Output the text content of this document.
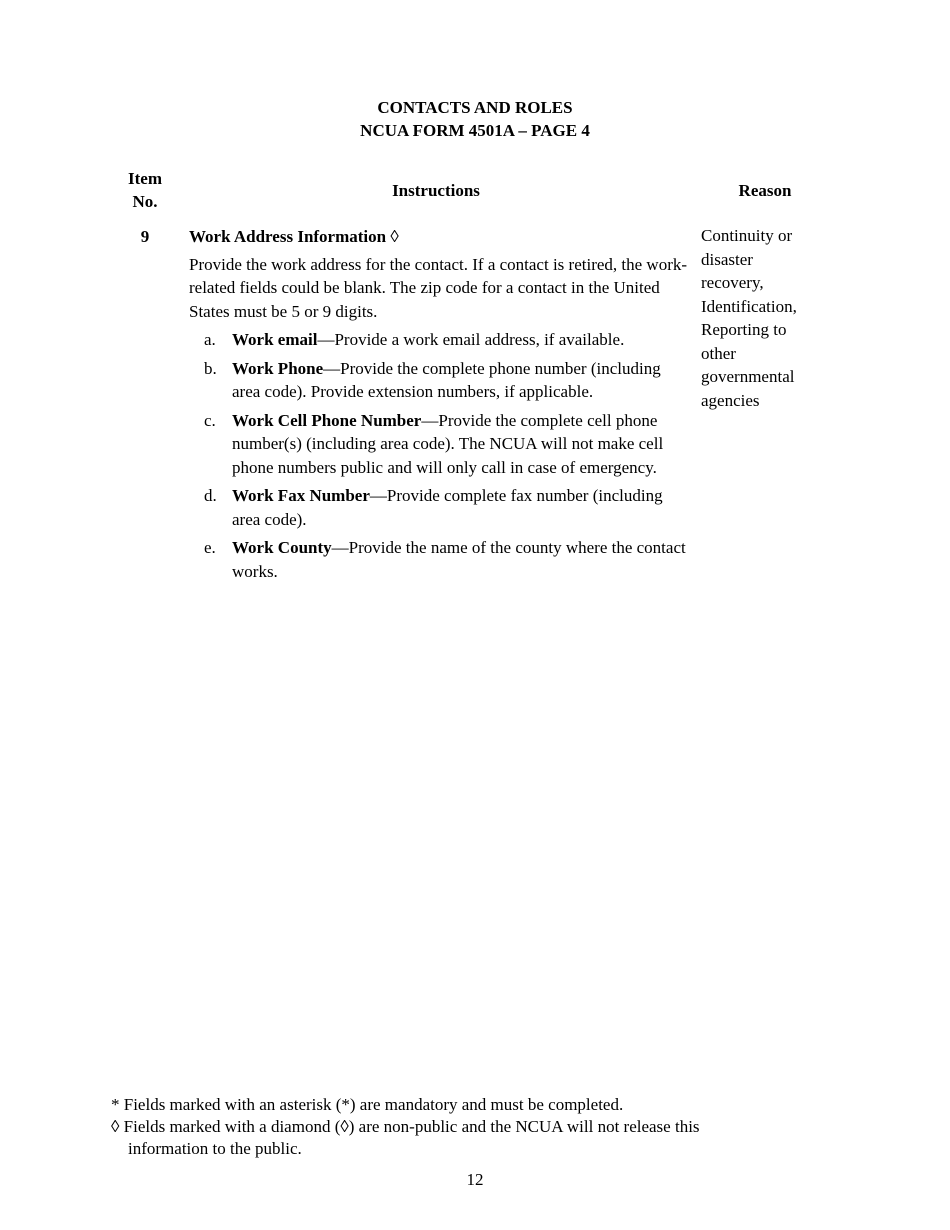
CONTACTS AND ROLES
NCUA FORM 4501A – PAGE 4
Item
No.
Instructions	Reason
9	Work Address Information ◊

Provide the work address for the contact. If a contact is retired, the work-related fields could be blank. The zip code for a contact in the United States must be 5 or 9 digits.

a. Work email—Provide a work email address, if available.
b. Work Phone—Provide the complete phone number (including area code). Provide extension numbers, if applicable.
c. Work Cell Phone Number—Provide the complete cell phone number(s) (including area code). The NCUA will not make cell phone numbers public and will only call in case of emergency.
d. Work Fax Number—Provide complete fax number (including area code).
e. Work County—Provide the name of the county where the contact works.
Continuity or
disaster
recovery,
Identification,
Reporting to
other
governmental
agencies

* Fields marked with an asterisk (*) are mandatory and must be completed.

◊ Fields marked with a diamond (◊) are non-public and the NCUA will not release this

information to the public.

12
